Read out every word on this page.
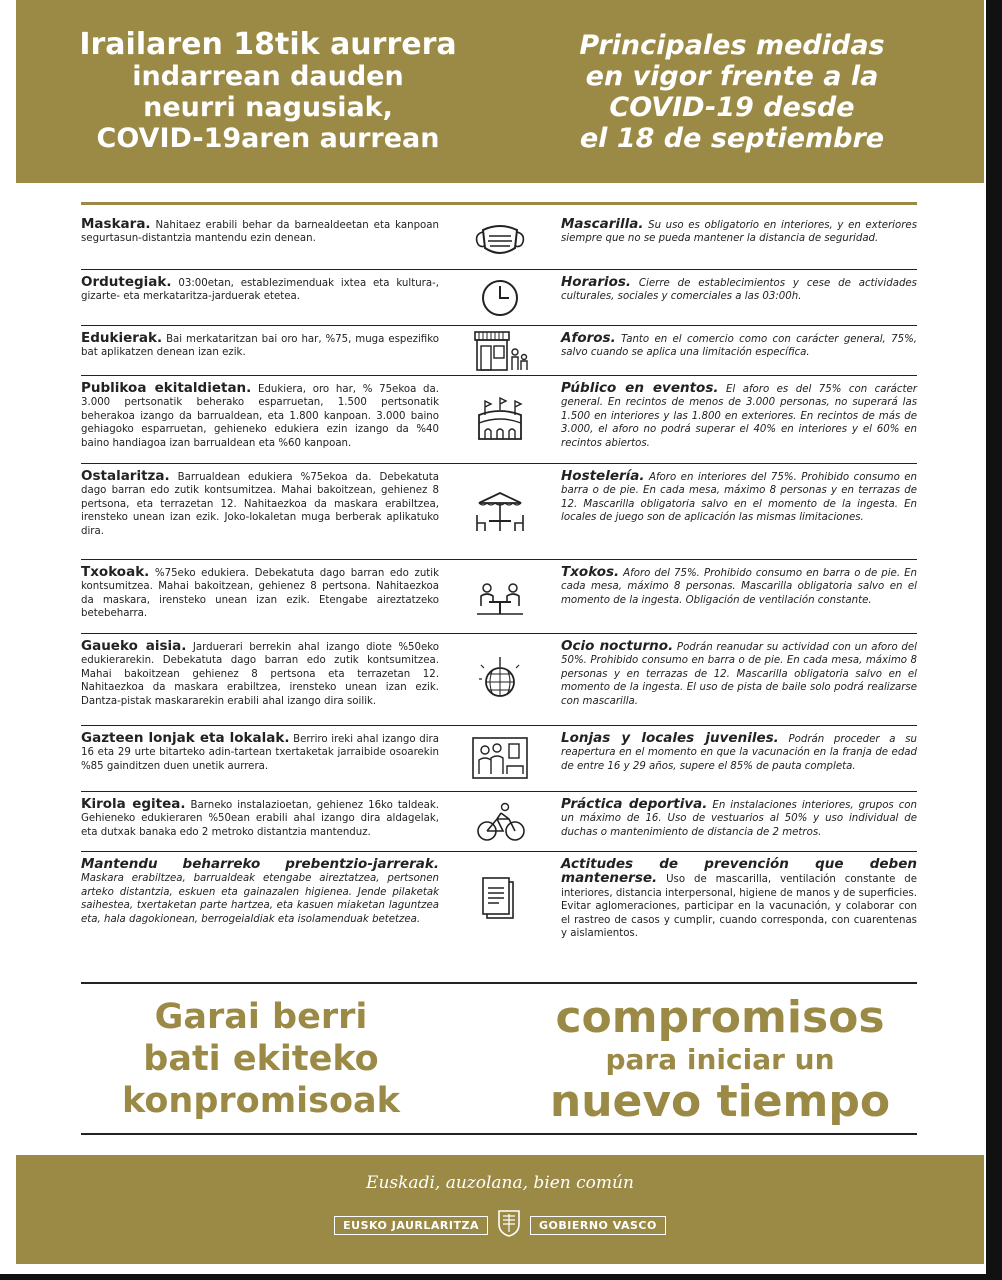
Irailaren 18tik aurrera
indarrean dauden
neurri nagusiak,
COVID-19aren aurrean
Principales medidas
en vigor frente a la
COVID-19 desde
el 18 de septiembre
Maskara. Nahitaez erabili behar da barnealdeetan eta kanpoan segurtasun-distantzia mantendu ezin denean.
Mascarilla. Su uso es obligatorio en interiores, y en exteriores siempre que no se pueda mantener la distancia de seguridad.
Ordutegiak. 03:00etan, establezimenduak ixtea eta kultura-, gizarte- eta merkataritza-jarduerak etetea.
Horarios. Cierre de establecimientos y cese de actividades culturales, sociales y comerciales a las 03:00h.
Edukierak. Bai merkataritzan bai oro har, %75, muga espezifiko bat aplikatzen denean izan ezik.
Aforos. Tanto en el comercio como con carácter general, 75%, salvo cuando se aplica una limitación específica.
Publikoa ekitaldietan. Edukiera, oro har, % 75ekoa da. 3.000 pertsonatik beherako esparruetan, 1.500 pertsonatik beherakoa izango da barrualdean, eta 1.800 kanpoan. 3.000 baino gehiagoko esparruetan, gehieneko edukiera ezin izango da %40 baino handiagoa izan barrualdean eta %60 kanpoan.
Público en eventos. El aforo es del 75% con carácter general. En recintos de menos de 3.000 personas, no superará las 1.500 en interiores y las 1.800 en exteriores. En recintos de más de 3.000, el aforo no podrá superar el 40% en interiores y el 60% en recintos abiertos.
Ostalaritza. Barrualdean edukiera %75ekoa da. Debekatuta dago barran edo zutik kontsumitzea. Mahai bakoitzean, gehienez 8 pertsona, eta terrazetan 12. Nahitaezkoa da maskara erabiltzea, irensteko unean izan ezik. Joko-lokaletan muga berberak aplikatuko dira.
Hostelería. Aforo en interiores del 75%. Prohibido consumo en barra o de pie. En cada mesa, máximo 8 personas y en terrazas de 12. Mascarilla obligatoria salvo en el momento de la ingesta. En locales de juego son de aplicación las mismas limitaciones.
Txokoak. %75eko edukiera. Debekatuta dago barran edo zutik kontsumitzea. Mahai bakoitzean, gehienez 8 pertsona. Nahitaezkoa da maskara, irensteko unean izan ezik. Etengabe aireztatzeko betebeharra.
Txokos. Aforo del 75%. Prohibido consumo en barra o de pie. En cada mesa, máximo 8 personas. Mascarilla obligatoria salvo en el momento de la ingesta. Obligación de ventilación constante.
Gaueko aisia. Jarduerari berrekin ahal izango diote %50eko edukierarekin. Debekatuta dago barran edo zutik kontsumitzea. Mahai bakoitzean gehienez 8 pertsona eta terrazetan 12. Nahitaezkoa da maskara erabiltzea, irensteko unean izan ezik. Dantza-pistak maskararekin erabili ahal izango dira soilik.
Ocio nocturno. Podrán reanudar su actividad con un aforo del 50%. Prohibido consumo en barra o de pie. En cada mesa, máximo 8 personas y en terrazas de 12. Mascarilla obligatoria salvo en el momento de la ingesta. El uso de pista de baile solo podrá realizarse con mascarilla.
Gazteen lonjak eta lokalak. Berriro ireki ahal izango dira 16 eta 29 urte bitarteko adin-tartean txertaketak jarraibide osoarekin %85 gainditzen duen unetik aurrera.
Lonjas y locales juveniles. Podrán proceder a su reapertura en el momento en que la vacunación en la franja de edad de entre 16 y 29 años, supere el 85% de pauta completa.
Kirola egitea. Barneko instalazioetan, gehienez 16ko taldeak. Gehieneko edukieraren %50ean erabili ahal izango dira aldagelak, eta dutxak banaka edo 2 metroko distantzia mantenduz.
Práctica deportiva. En instalaciones interiores, grupos con un máximo de 16. Uso de vestuarios al 50% y uso individual de duchas o mantenimiento de distancia de 2 metros.
Mantendu beharreko prebentzio-jarrerak. Maskara erabiltzea, barrualdeak etengabe aireztatzea, pertsonen arteko distantzia, eskuen eta gainazalen higienea. Jende pilaketak saihestea, txertaketan parte hartzea, eta kasuen miaketan laguntzea eta, hala dagokionean, berrogeialdiak eta isolamenduak betetzea.
Actitudes de prevención que deben mantenerse. Uso de mascarilla, ventilación constante de interiores, distancia interpersonal, higiene de manos y de superficies. Evitar aglomeraciones, participar en la vacunación, y colaborar con el rastreo de casos y cumplir, cuando corresponda, con cuarentenas y aislamientos.
Garai berri
bati ekiteko
konpromisoak
compromisos
para iniciar un
nuevo tiempo
Euskadi, auzolana, bien común
EUSKO JAURLARITZA	GOBIERNO VASCO
